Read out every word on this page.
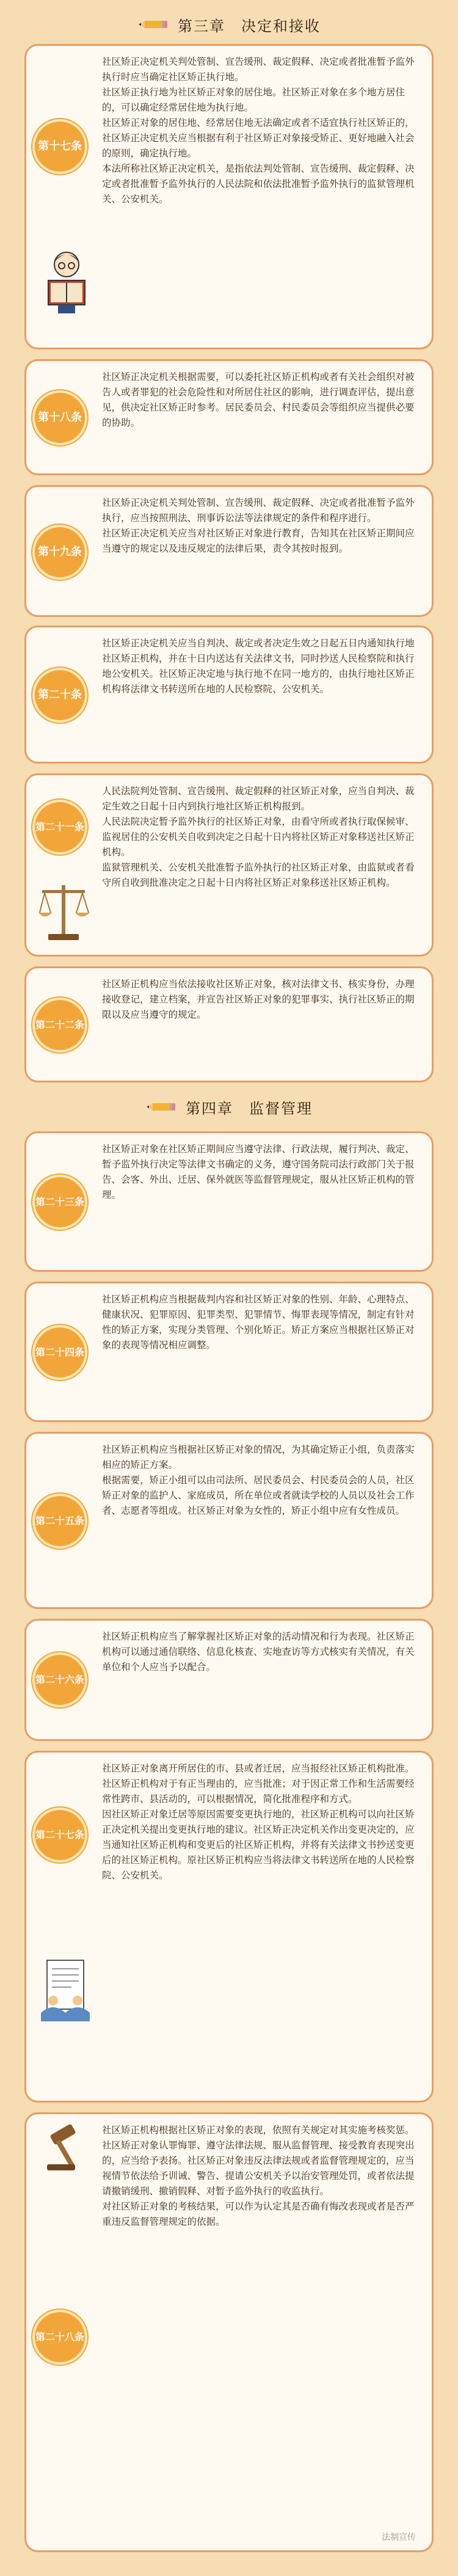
第三章　决定和接收
第十七条
社区矫正决定机关判处管制、宣告缓刑、裁定假释、决定或者批准暂予监外执行时应当确定社区矫正执行地。
社区矫正执行地为社区矫正对象的居住地。社区矫正对象在多个地方居住的，可以确定经常居住地为执行地。
社区矫正对象的居住地、经常居住地无法确定或者不适宜执行社区矫正的，社区矫正决定机关应当根据有利于社区矫正对象接受矫正、更好地融入社会的原则，确定执行地。
本法所称社区矫正决定机关，是指依法判处管制、宣告缓刑、裁定假释、决定或者批准暂予监外执行的人民法院和依法批准暂予监外执行的监狱管理机关、公安机关。
第十八条
社区矫正决定机关根据需要，可以委托社区矫正机构或者有关社会组织对被告人或者罪犯的社会危险性和对所居住社区的影响，进行调查评估，提出意见，供决定社区矫正时参考。居民委员会、村民委员会等组织应当提供必要的协助。
第十九条
社区矫正决定机关判处管制、宣告缓刑、裁定假释、决定或者批准暂予监外执行，应当按照刑法、刑事诉讼法等法律规定的条件和程序进行。
社区矫正决定机关应当对社区矫正对象进行教育，告知其在社区矫正期间应当遵守的规定以及违反规定的法律后果，责令其按时报到。
第二十条
社区矫正决定机关应当自判决、裁定或者决定生效之日起五日内通知执行地社区矫正机构，并在十日内送达有关法律文书，同时抄送人民检察院和执行地公安机关。社区矫正决定地与执行地不在同一地方的，由执行地社区矫正机构将法律文书转送所在地的人民检察院、公安机关。
第二十一条
人民法院判处管制、宣告缓刑、裁定假释的社区矫正对象，应当自判决、裁定生效之日起十日内到执行地社区矫正机构报到。
人民法院决定暂予监外执行的社区矫正对象，由看守所或者执行取保候审、监视居住的公安机关自收到决定之日起十日内将社区矫正对象移送社区矫正机构。
监狱管理机关、公安机关批准暂予监外执行的社区矫正对象，由监狱或者看守所自收到批准决定之日起十日内将社区矫正对象移送社区矫正机构。
第二十二条
社区矫正机构应当依法接收社区矫正对象，核对法律文书、核实身份，办理接收登记，建立档案，并宣告社区矫正对象的犯罪事实、执行社区矫正的期限以及应当遵守的规定。
第四章　监督管理
第二十三条
社区矫正对象在社区矫正期间应当遵守法律、行政法规，履行判决、裁定、暂予监外执行决定等法律文书确定的义务，遵守国务院司法行政部门关于报告、会客、外出、迁居、保外就医等监督管理规定，服从社区矫正机构的管理。
第二十四条
社区矫正机构应当根据裁判内容和社区矫正对象的性别、年龄、心理特点、健康状况、犯罪原因、犯罪类型、犯罪情节、悔罪表现等情况，制定有针对性的矫正方案，实现分类管理、个别化矫正。矫正方案应当根据社区矫正对象的表现等情况相应调整。
第二十五条
社区矫正机构应当根据社区矫正对象的情况，为其确定矫正小组，负责落实相应的矫正方案。
根据需要，矫正小组可以由司法所、居民委员会、村民委员会的人员，社区矫正对象的监护人、家庭成员，所在单位或者就读学校的人员以及社会工作者、志愿者等组成。社区矫正对象为女性的，矫正小组中应有女性成员。
第二十六条
社区矫正机构应当了解掌握社区矫正对象的活动情况和行为表现。社区矫正机构可以通过通信联络、信息化核查、实地查访等方式核实有关情况，有关单位和个人应当予以配合。
第二十七条
社区矫正对象离开所居住的市、县或者迁居，应当报经社区矫正机构批准。社区矫正机构对于有正当理由的，应当批准；对于因正常工作和生活需要经常性跨市、县活动的，可以根据情况，简化批准程序和方式。
因社区矫正对象迁居等原因需要变更执行地的，社区矫正机构可以向社区矫正决定机关提出变更执行地的建议。社区矫正决定机关作出变更决定的，应当通知社区矫正机构和变更后的社区矫正机构，并将有关法律文书抄送变更后的社区矫正机构。原社区矫正机构应当将法律文书转送所在地的人民检察院、公安机关。
第二十八条
社区矫正机构根据社区矫正对象的表现，依照有关规定对其实施考核奖惩。社区矫正对象认罪悔罪、遵守法律法规、服从监督管理、接受教育表现突出的，应当给予表扬。社区矫正对象违反法律法规或者监督管理规定的，应当视情节依法给予训诫、警告、提请公安机关予以治安管理处罚，或者依法提请撤销缓刑、撤销假释、对暂予监外执行的收监执行。
对社区矫正对象的考核结果，可以作为认定其是否确有悔改表现或者是否严重违反监督管理规定的依据。
法制宣传
